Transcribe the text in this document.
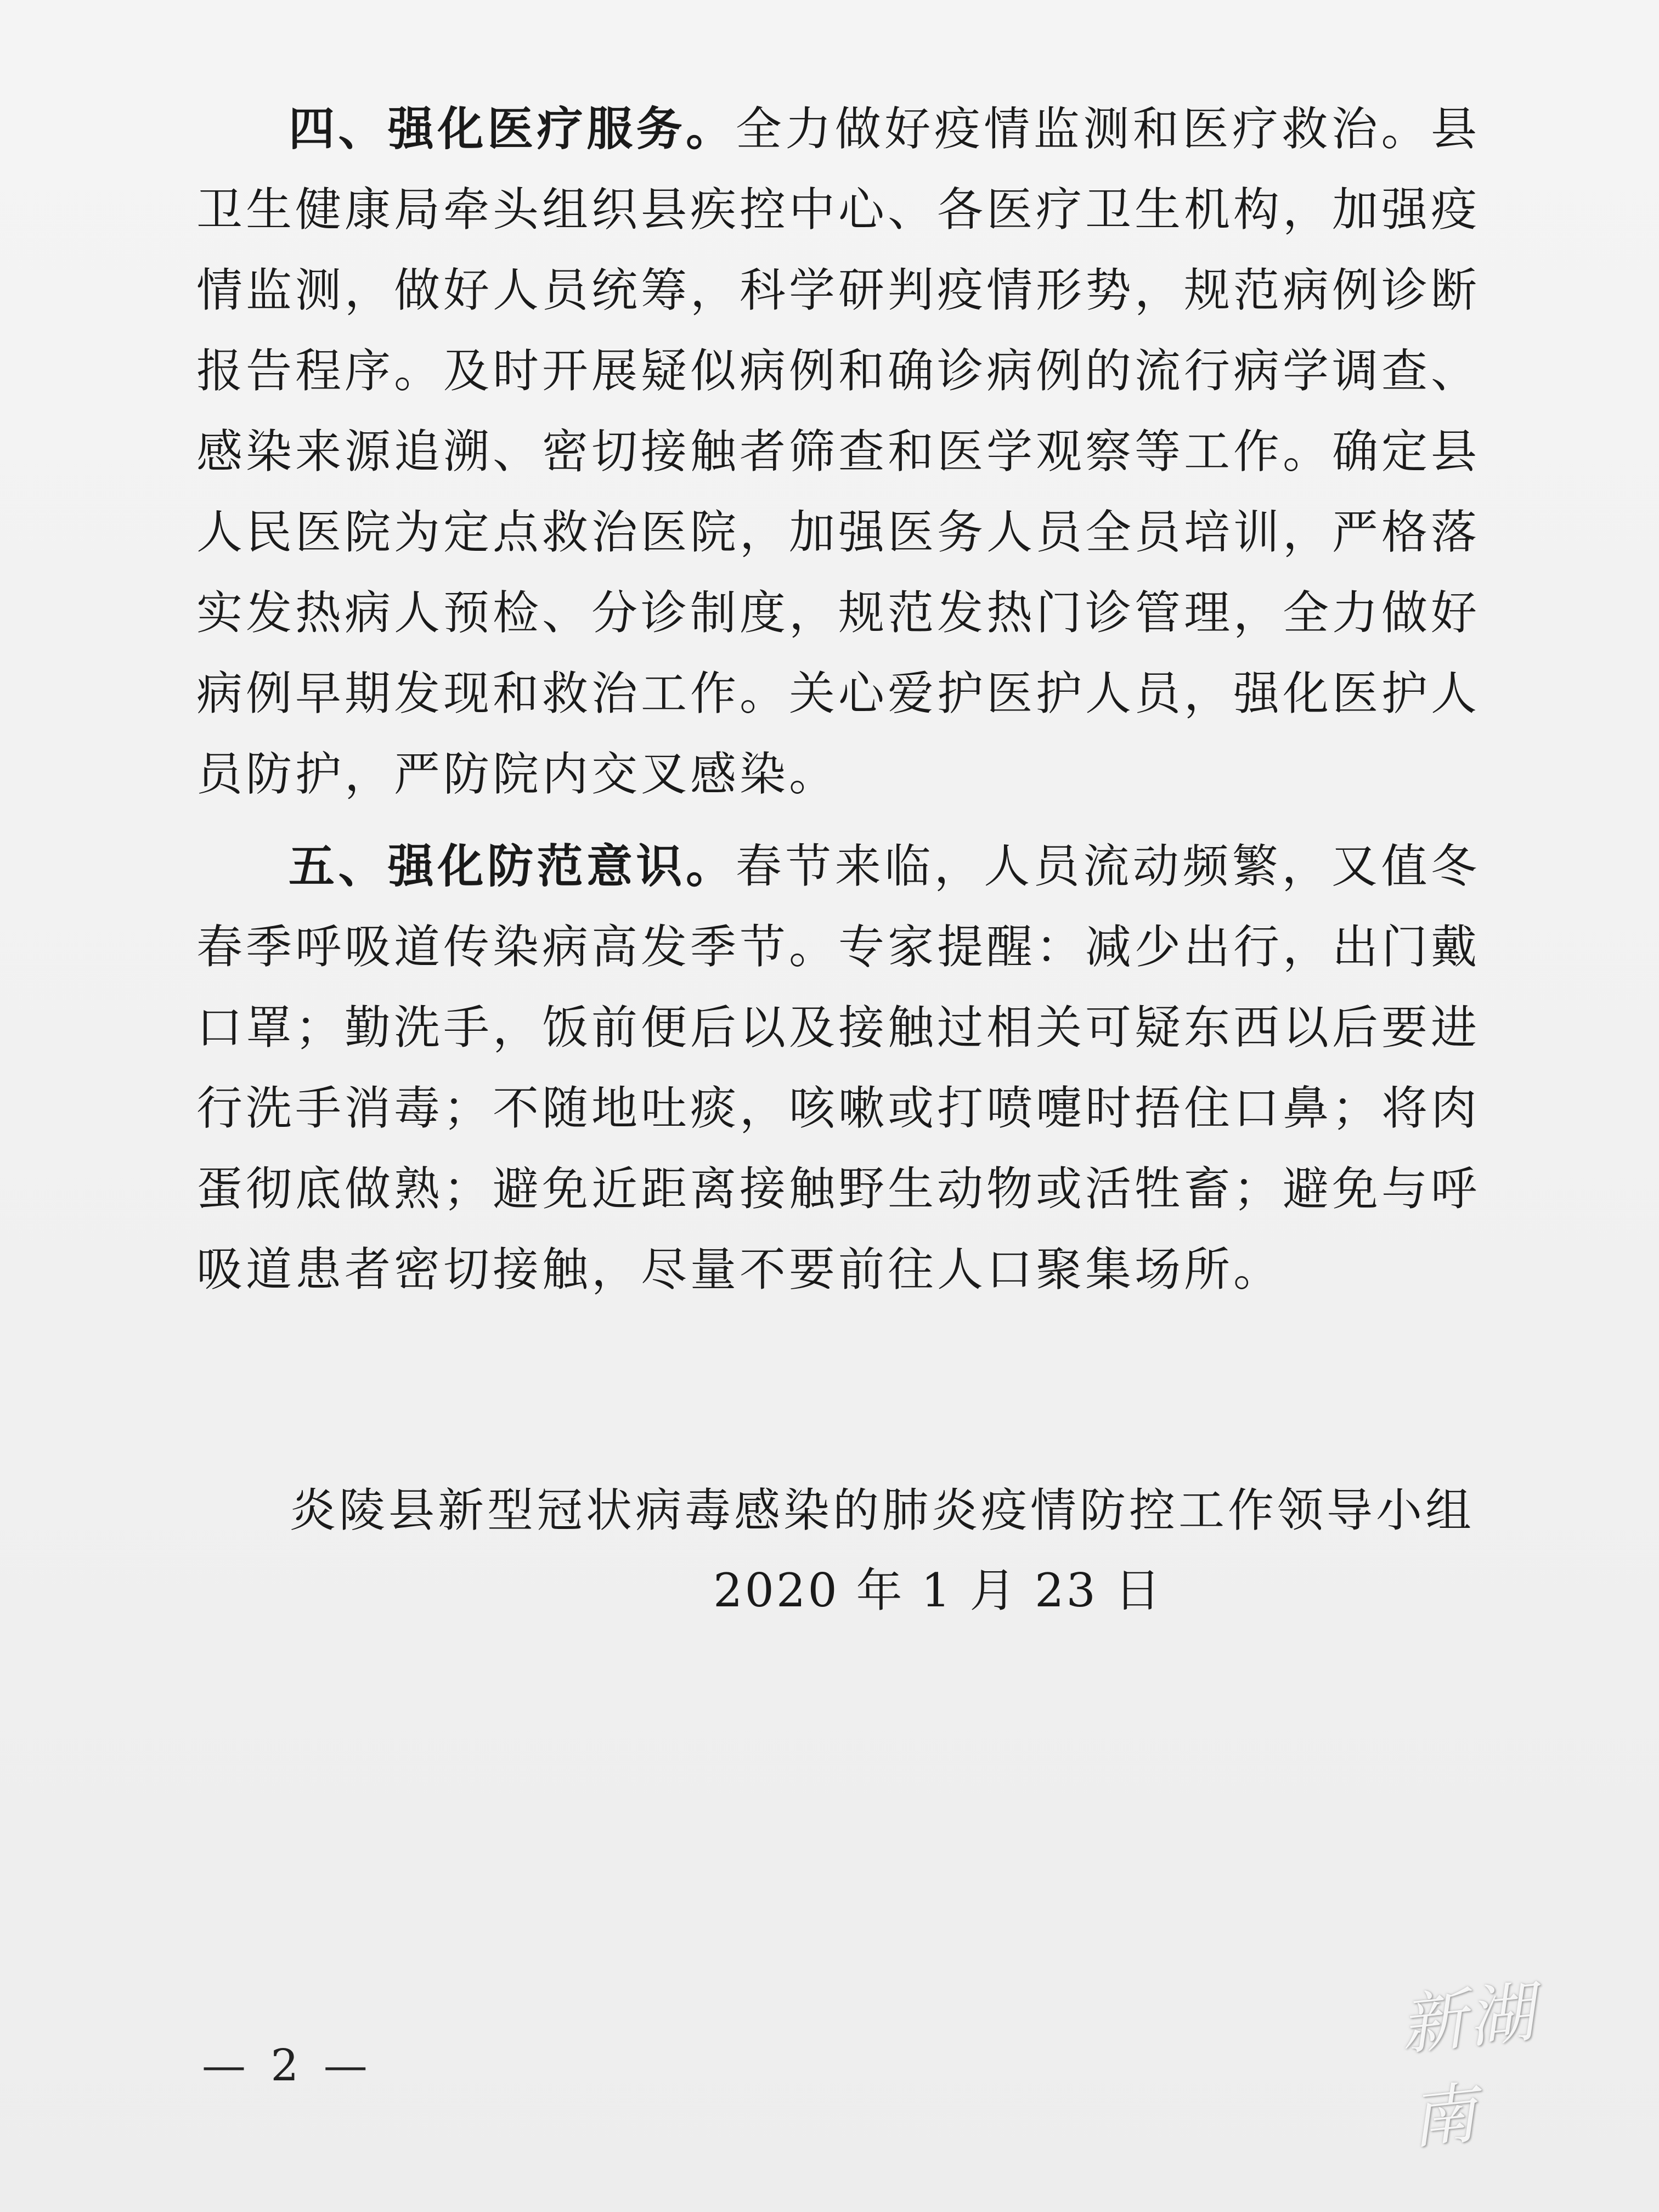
四、强化医疗服务。全力做好疫情监测和医疗救治。县卫生健康局牵头组织县疾控中心、各医疗卫生机构，加强疫情监测，做好人员统筹，科学研判疫情形势，规范病例诊断报告程序。及时开展疑似病例和确诊病例的流行病学调查、感染来源追溯、密切接触者筛查和医学观察等工作。确定县人民医院为定点救治医院，加强医务人员全员培训，严格落实发热病人预检、分诊制度，规范发热门诊管理，全力做好病例早期发现和救治工作。关心爱护医护人员，强化医护人员防护，严防院内交叉感染。

五、强化防范意识。春节来临，人员流动频繁，又值冬春季呼吸道传染病高发季节。专家提醒：减少出行，出门戴口罩；勤洗手，饭前便后以及接触过相关可疑东西以后要进行洗手消毒；不随地吐痰，咳嗽或打喷嚏时捂住口鼻；将肉蛋彻底做熟；避免近距离接触野生动物或活牲畜；避免与呼吸道患者密切接触，尽量不要前往人口聚集场所。

炎陵县新型冠状病毒感染的肺炎疫情防控工作领导小组
2020 年 1 月 23 日
— 2 —
新湖南
